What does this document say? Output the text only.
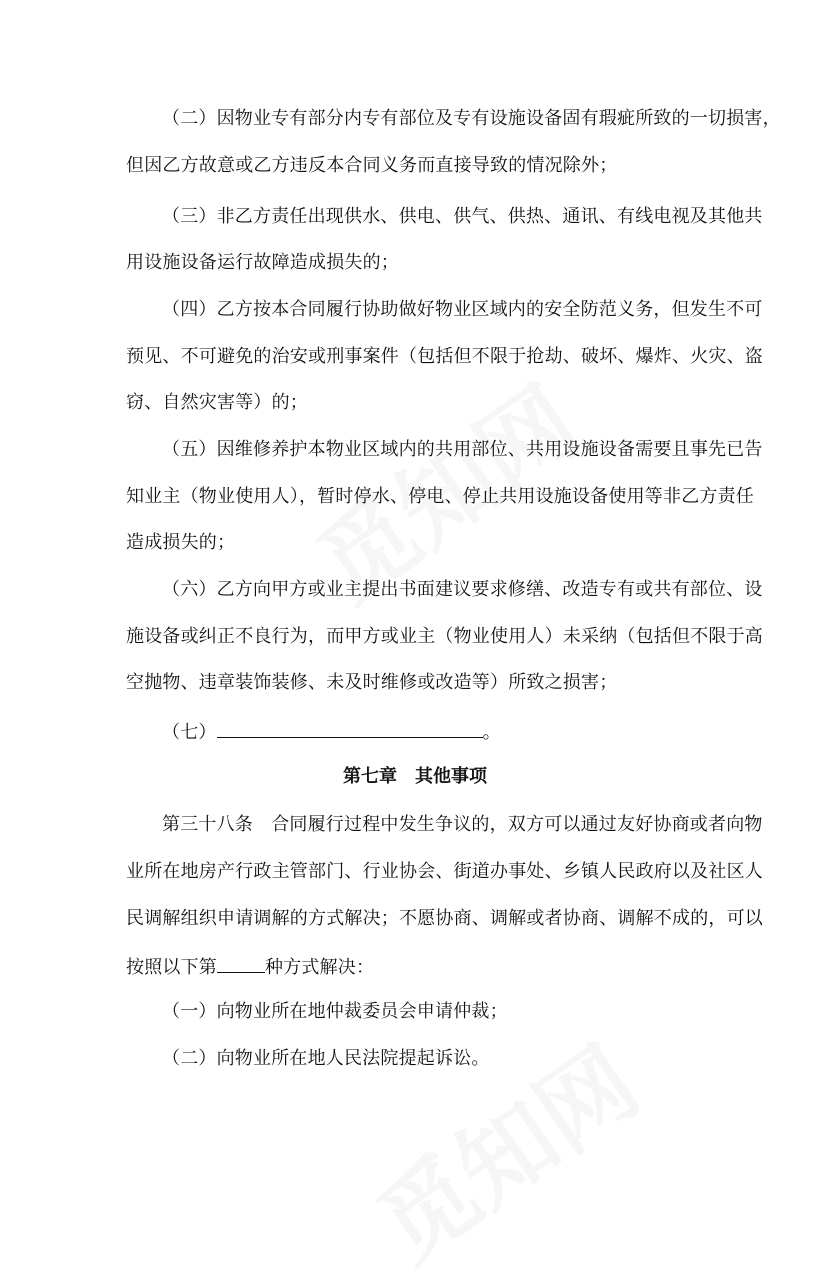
（二）因物业专有部分内专有部位及专有设施设备固有瑕疵所致的一切损害，
但因乙方故意或乙方违反本合同义务而直接导致的情况除外；
（三）非乙方责任出现供水、供电、供气、供热、通讯、有线电视及其他共
用设施设备运行故障造成损失的；
（四）乙方按本合同履行协助做好物业区域内的安全防范义务，但发生不可
预见、不可避免的治安或刑事案件（包括但不限于抢劫、破坏、爆炸、火灾、盗
窃、自然灾害等）的；
（五）因维修养护本物业区域内的共用部位、共用设施设备需要且事先已告
知业主（物业使用人），暂时停水、停电、停止共用设施设备使用等非乙方责任
造成损失的；
（六）乙方向甲方或业主提出书面建议要求修缮、改造专有或共有部位、设
施设备或纠正不良行为，而甲方或业主（物业使用人）未采纳（包括但不限于高
空抛物、违章装饰装修、未及时维修或改造等）所致之损害；
（七）	。
第七章　其他事项
第三十八条　合同履行过程中发生争议的，双方可以通过友好协商或者向物
业所在地房产行政主管部门、行业协会、街道办事处、乡镇人民政府以及社区人
民调解组织申请调解的方式解决；不愿协商、调解或者协商、调解不成的，可以
按照以下第	种方式解决：
（一）向物业所在地仲裁委员会申请仲裁；
（二）向物业所在地人民法院提起诉讼。
